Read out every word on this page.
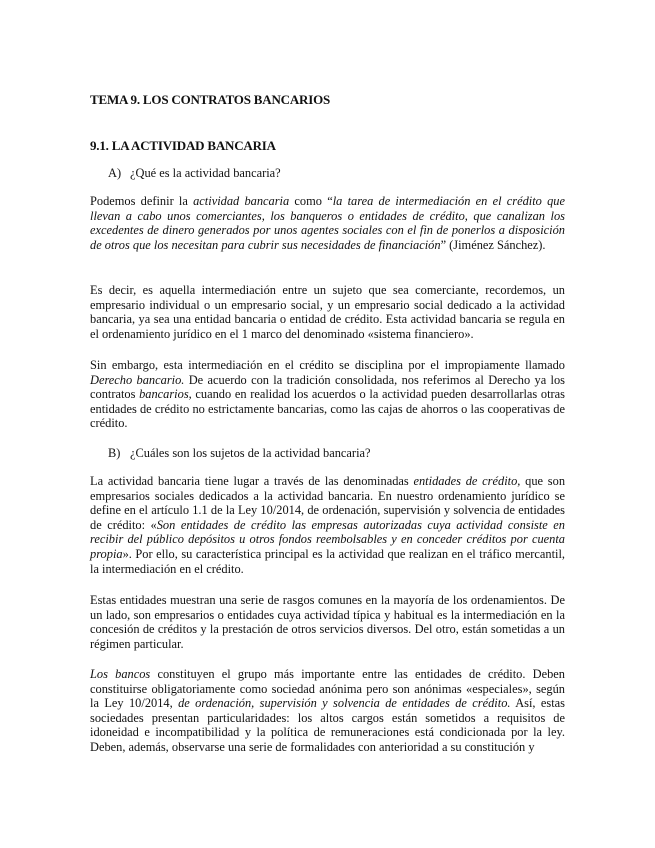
TEMA 9. LOS CONTRATOS BANCARIOS
9.1. LA ACTIVIDAD BANCARIA
A) ¿Qué es la actividad bancaria?

Podemos definir la actividad bancaria como “la tarea de intermediación en el crédito que llevan a cabo unos comerciantes, los banqueros o entidades de crédito, que canalizan los excedentes de dinero generados por unos agentes sociales con el fin de ponerlos a disposición de otros que los necesitan para cubrir sus necesidades de financiación” (Jiménez Sánchez).

Es decir, es aquella intermediación entre un sujeto que sea comerciante, recordemos, un empresario individual o un empresario social, y un empresario social dedicado a la actividad bancaria, ya sea una entidad bancaria o entidad de crédito. Esta actividad bancaria se regula en el ordenamiento jurídico en el 1 marco del denominado «sistema financiero».

Sin embargo, esta intermediación en el crédito se disciplina por el impropiamente llamado Derecho bancario. De acuerdo con la tradición consolidada, nos referimos al Derecho ya los contratos bancarios, cuando en realidad los acuerdos o la actividad pueden desarrollarlas otras entidades de crédito no estrictamente bancarias, como las cajas de ahorros o las cooperativas de crédito.

B) ¿Cuáles son los sujetos de la actividad bancaria?

La actividad bancaria tiene lugar a través de las denominadas entidades de crédito, que son empresarios sociales dedicados a la actividad bancaria. En nuestro ordenamiento jurídico se define en el artículo 1.1 de la Ley 10/2014, de ordenación, supervisión y solvencia de entidades de crédito: «Son entidades de crédito las empresas autorizadas cuya actividad consiste en recibir del público depósitos u otros fondos reembolsables y en conceder créditos por cuenta propia». Por ello, su característica principal es la actividad que realizan en el tráfico mercantil, la intermediación en el crédito.

Estas entidades muestran una serie de rasgos comunes en la mayoría de los ordenamientos. De un lado, son empresarios o entidades cuya actividad típica y habitual es la intermediación en la concesión de créditos y la prestación de otros servicios diversos. Del otro, están sometidas a un régimen particular.

Los bancos constituyen el grupo más importante entre las entidades de crédito. Deben constituirse obligatoriamente como sociedad anónima pero son anónimas «especiales», según la Ley 10/2014, de ordenación, supervisión y solvencia de entidades de crédito. Así, estas sociedades presentan particularidades: los altos cargos están sometidos a requisitos de idoneidad e incompatibilidad y la política de remuneraciones está condicionada por la ley. Deben, además, observarse una serie de formalidades con anterioridad a su constitución y
